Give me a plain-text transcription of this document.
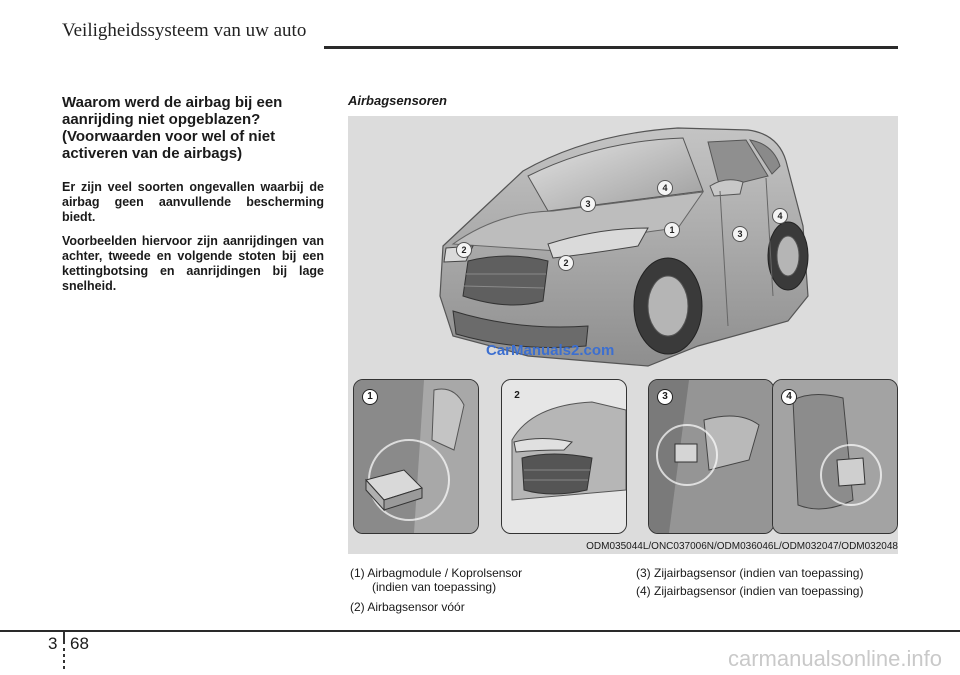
Veiligheidssysteem van uw auto
Waarom werd de airbag bij een aanrijding niet opgeblazen? (Voorwaarden voor wel of niet activeren van de airbags)
Er zijn veel soorten ongevallen waarbij de airbag geen aanvullende bescherming biedt.
Voorbeelden hiervoor zijn aanrijdingen van achter, tweede en volgende stoten bij een kettingbotsing en aanrijdingen bij lage snelheid.
Airbagsensoren
4
3
1	3
4
2
2
CarManuals2.com
1	2	3	4
ODM035044L/ONC037006N/ODM036046L/ODM032047/ODM032048
(1) Airbagmodule / Koprolsensor
(indien van toepassing)
(2) Airbagsensor vóór
(3) Zijairbagsensor (indien van toepassing)
(4) Zijairbagsensor (indien van toepassing)
3 68
carmanualsonline.info
